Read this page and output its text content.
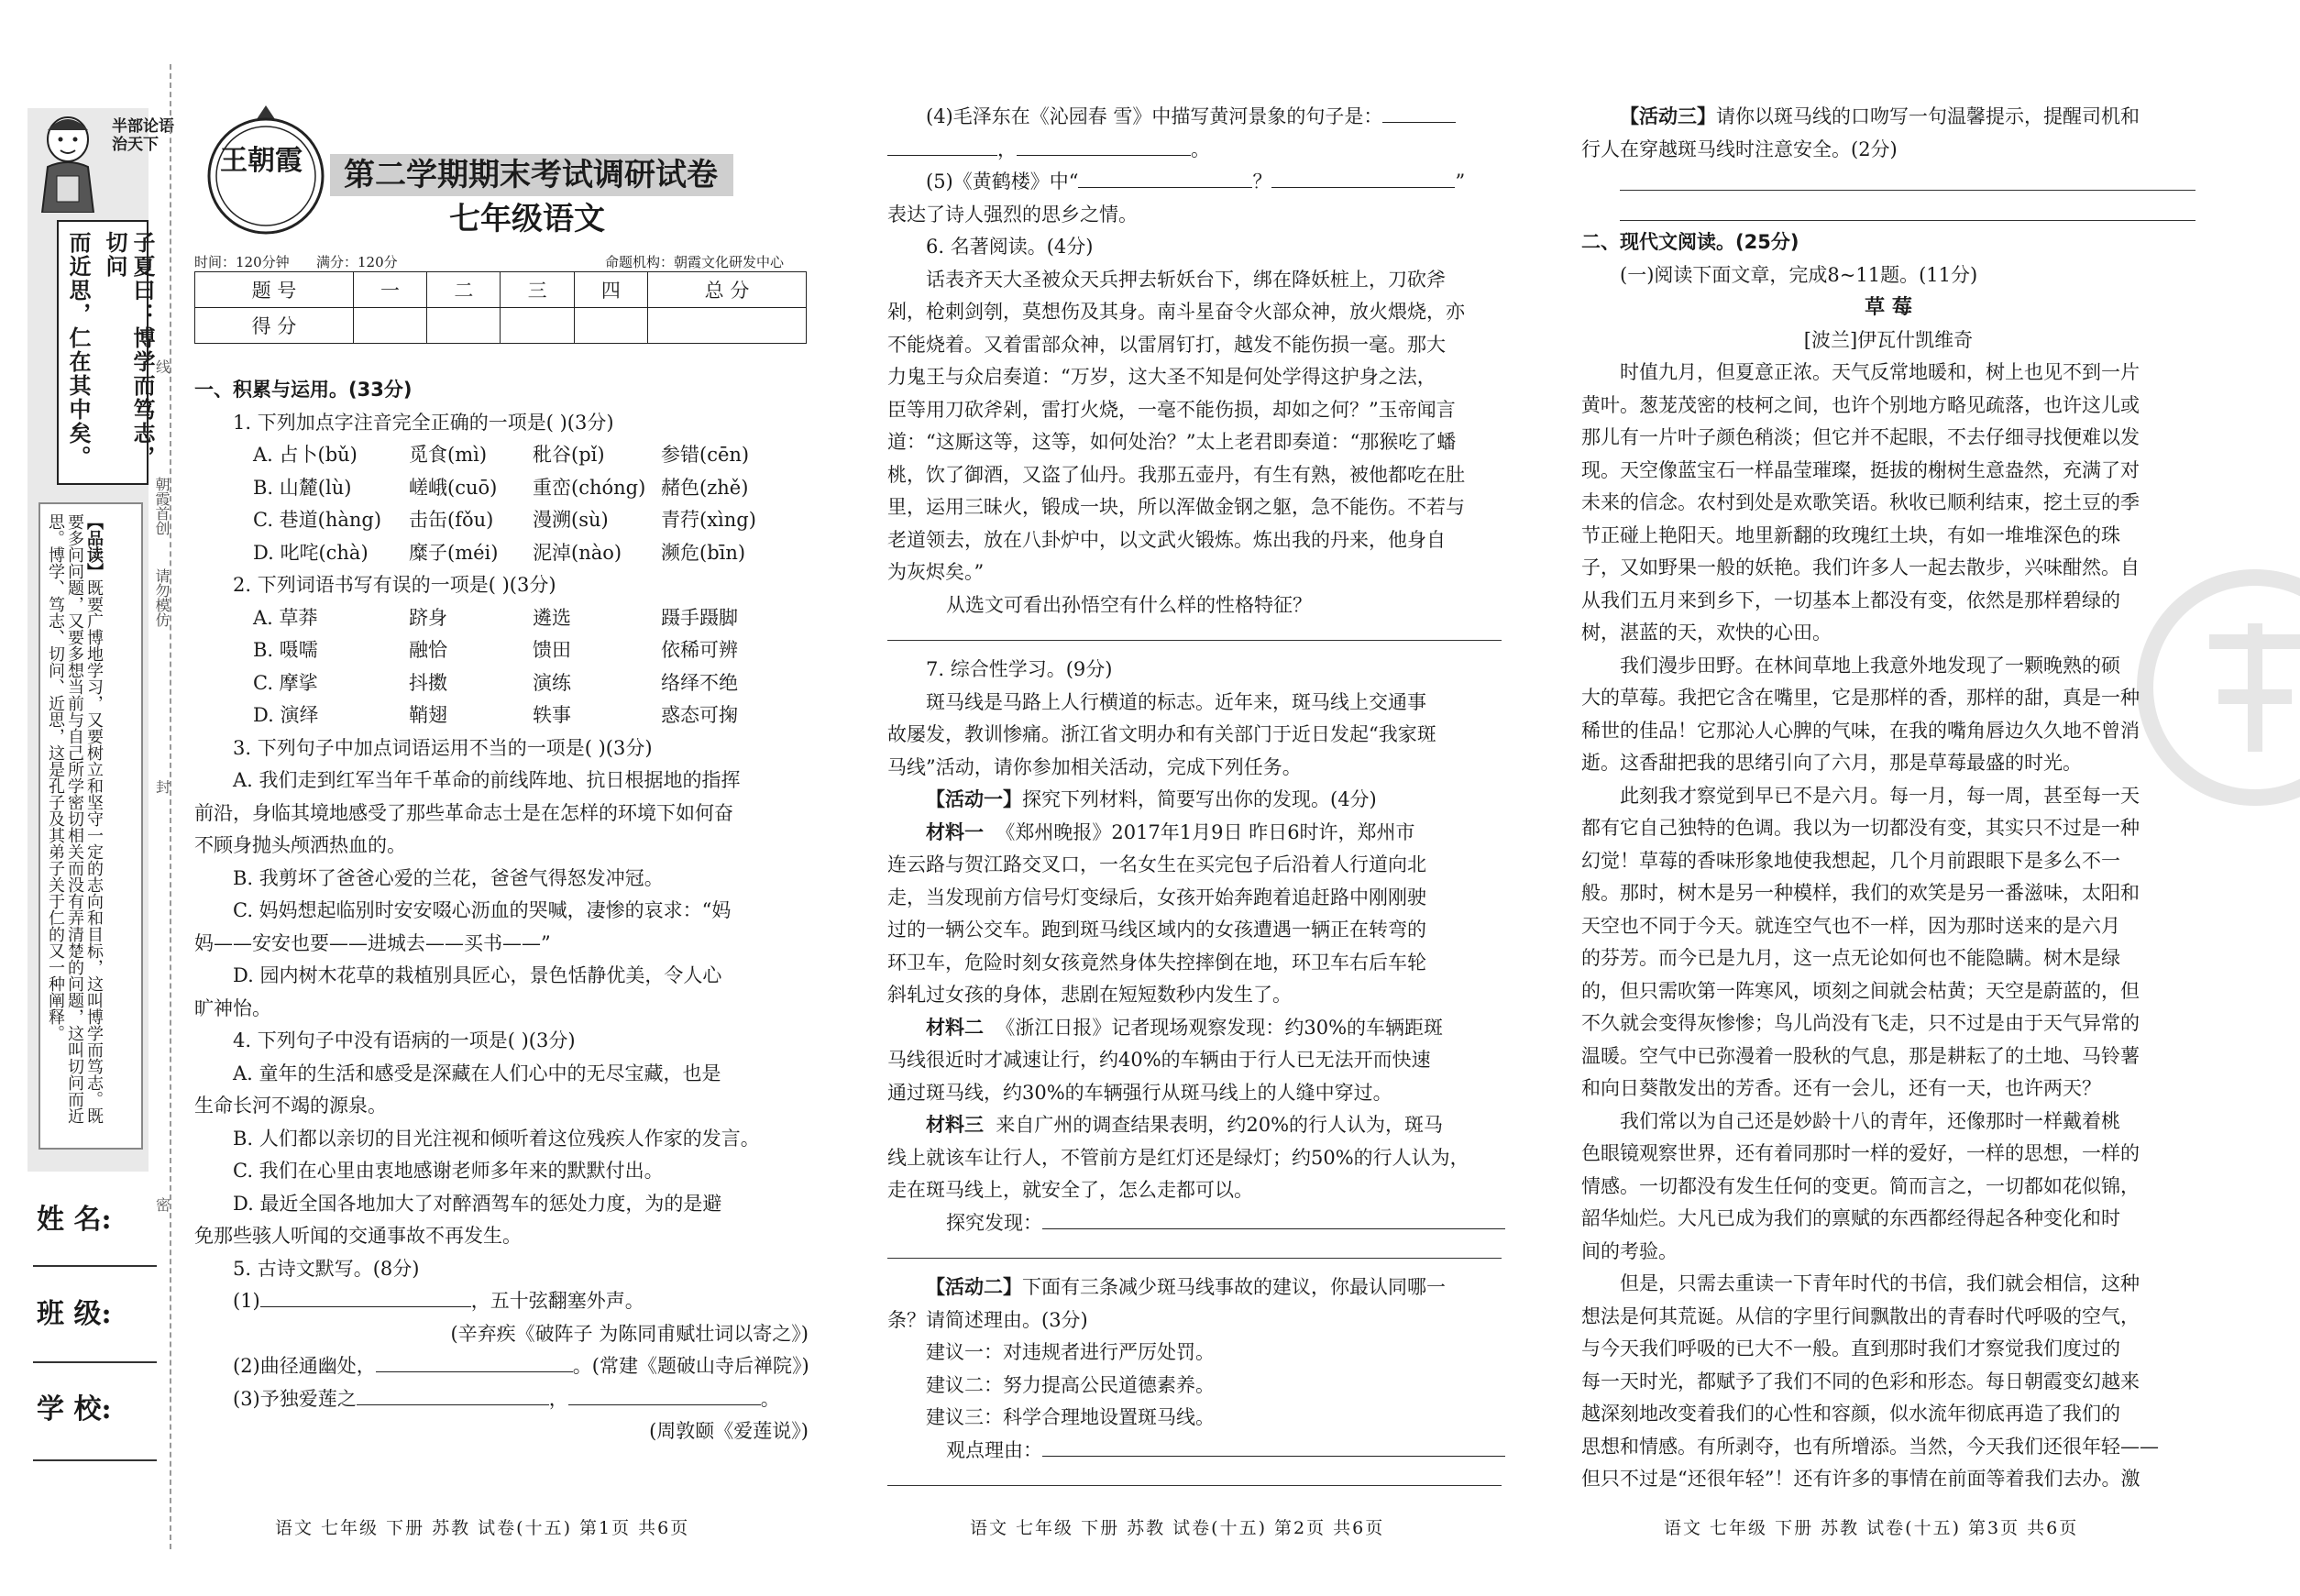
半部论语
治天下
而近思，仁在其中矣。	子夏曰：博学而笃志，切问
【品读】既要广博地学习，又要树立和坚守一定的志向和目标，这叫博学而笃志。既要多问问题，又要多想当前与自己所学密切相关而没有弄清楚的问题，这叫切问而近思。博学、笃志、切问、近思，这是孔子及其弟子关于仁的又一种阐释。
姓 名:
班 级:
学 校:
线
封
密
朝霞首创
请勿模仿
王朝霞 第二学期期末考试调研试卷
七年级语文
时间：120分钟 满分：120分	命题机构：朝霞文化研发中心
题 号	一	二	三	四	总 分
得 分					
一、积累与运用。(33分)
1. 下列加点字注音完全正确的一项是( )(3分)
A. 占卜(bǔ)	觅食(mì)	秕谷(pǐ)	参错(cēn)
B. 山麓(lù)	嵯峨(cuō)	重峦(chóng) 赭色(zhě)
C. 巷道(hàng)	击缶(fǒu)	漫溯(sù)	青荇(xìng)
D. 叱咤(chà)	糜子(méi)	泥淖(nào)	濒危(bīn)
2. 下列词语书写有误的一项是( )(3分)
A. 草莽	跻身	遴选	蹑手蹑脚
B. 嗫嚅	融恰	馈田	依稀可辨
C. 摩挲	抖擞	演练	络绎不绝
D. 演绎	鞘翅	轶事	惑态可掬
3. 下列句子中加点词语运用不当的一项是( )(3分)
A. 我们走到红军当年千革命的前线阵地、抗日根据地的指挥
前沿，身临其境地感受了那些革命志士是在怎样的环境下如何奋
不顾身抛头颅洒热血的。
B. 我剪坏了爸爸心爱的兰花，爸爸气得怒发冲冠。
C. 妈妈想起临别时安安啜心沥血的哭喊，凄惨的哀求：“妈
妈——安安也要——进城去——买书——”
D. 园内树木花草的栽植别具匠心，景色恬静优美，令人心
旷神怡。
4. 下列句子中没有语病的一项是( )(3分)
A. 童年的生活和感受是深藏在人们心中的无尽宝藏，也是
生命长河不竭的源泉。
B. 人们都以亲切的目光注视和倾听着这位残疾人作家的发言。
C. 我们在心里由衷地感谢老师多年来的默默付出。
D. 最近全国各地加大了对醉酒驾车的惩处力度，为的是避
免那些骇人听闻的交通事故不再发生。
5. 古诗文默写。(8分)
(1)	，五十弦翻塞外声。
(辛弃疾《破阵子 为陈同甫赋壮词以寄之》)
(2)曲径通幽处，	。(常建《题破山寺后禅院》)
(3)予独爱莲之	，	。
(周敦颐《爱莲说》)
语文 七年级 下册 苏教 试卷(十五) 第1页 共6页
(4)毛泽东在《沁园春 雪》中描写黄河景象的句子是：
，	。
(5)《黄鹤楼》中“	？	”
表达了诗人强烈的思乡之情。
6. 名著阅读。(4分)
话表齐天大圣被众天兵押去斩妖台下，绑在降妖桩上，刀砍斧
剁，枪刺剑刳，莫想伤及其身。南斗星奋令火部众神，放火煨烧，亦
不能烧着。又着雷部众神，以雷屑钉打，越发不能伤损一毫。那大
力鬼王与众启奏道：“万岁，这大圣不知是何处学得这护身之法，
臣等用刀砍斧剁，雷打火烧，一毫不能伤损，却如之何？”玉帝闻言
道：“这厮这等，这等，如何处治？”太上老君即奏道：“那猴吃了蟠
桃，饮了御酒，又盗了仙丹。我那五壶丹，有生有熟，被他都吃在肚
里，运用三昧火，锻成一块，所以浑做金钢之躯，急不能伤。不若与
老道领去，放在八卦炉中，以文武火锻炼。炼出我的丹来，他身自
为灰烬矣。”
从选文可看出孙悟空有什么样的性格特征？
7. 综合性学习。(9分)
斑马线是马路上人行横道的标志。近年来，斑马线上交通事
故屡发，教训惨痛。浙江省文明办和有关部门于近日发起“我家斑
马线”活动，请你参加相关活动，完成下列任务。
【活动一】探究下列材料，简要写出你的发现。(4分)
材料一 《郑州晚报》2017年1月9日 昨日6时许，郑州市
连云路与贺江路交叉口，一名女生在买完包子后沿着人行道向北
走，当发现前方信号灯变绿后，女孩开始奔跑着追赶路中刚刚驶
过的一辆公交车。跑到斑马线区域内的女孩遭遇一辆正在转弯的
环卫车，危险时刻女孩竟然身体失控摔倒在地，环卫车右后车轮
斜轧过女孩的身体，悲剧在短短数秒内发生了。
材料二 《浙江日报》记者现场观察发现：约30%的车辆距斑
马线很近时才减速让行，约40%的车辆由于行人已无法开而快速
通过斑马线，约30%的车辆强行从斑马线上的人缝中穿过。
材料三 来自广州的调查结果表明，约20%的行人认为，斑马
线上就该车让行人，不管前方是红灯还是绿灯；约50%的行人认为，
走在斑马线上，就安全了，怎么走都可以。
探究发现：
【活动二】下面有三条减少斑马线事故的建议，你最认同哪一
条？请简述理由。(3分)
建议一：对违规者进行严厉处罚。
建议二：努力提高公民道德素养。
建议三：科学合理地设置斑马线。
观点理由：
语文 七年级 下册 苏教 试卷(十五) 第2页 共6页
【活动三】请你以斑马线的口吻写一句温馨提示，提醒司机和
行人在穿越斑马线时注意安全。(2分)
二、现代文阅读。(25分)
(一)阅读下面文章，完成8~11题。(11分)
草 莓
[波兰]伊瓦什凯维奇
时值九月，但夏意正浓。天气反常地暖和，树上也见不到一片
黄叶。葱茏茂密的枝柯之间，也许个别地方略见疏落，也许这儿或
那儿有一片叶子颜色稍淡；但它并不起眼，不去仔细寻找便难以发
现。天空像蓝宝石一样晶莹璀璨，挺拔的榭树生意盎然，充满了对
未来的信念。农村到处是欢歌笑语。秋收已顺利结束，挖土豆的季
节正碰上艳阳天。地里新翻的玫瑰红土块，有如一堆堆深色的珠
子，又如野果一般的妖艳。我们许多人一起去散步，兴味酣然。自
从我们五月来到乡下，一切基本上都没有变，依然是那样碧绿的
树，湛蓝的天，欢快的心田。
我们漫步田野。在林间草地上我意外地发现了一颗晚熟的硕
大的草莓。我把它含在嘴里，它是那样的香，那样的甜，真是一种
稀世的佳品！它那沁人心脾的气味，在我的嘴角唇边久久地不曾消
逝。这香甜把我的思绪引向了六月，那是草莓最盛的时光。
此刻我才察觉到早已不是六月。每一月，每一周，甚至每一天
都有它自己独特的色调。我以为一切都没有变，其实只不过是一种
幻觉！草莓的香味形象地使我想起，几个月前跟眼下是多么不一
般。那时，树木是另一种模样，我们的欢笑是另一番滋味，太阳和
天空也不同于今天。就连空气也不一样，因为那时送来的是六月
的芬芳。而今已是九月，这一点无论如何也不能隐瞒。树木是绿
的，但只需吹第一阵寒风，顷刻之间就会枯黄；天空是蔚蓝的，但
不久就会变得灰惨惨；鸟儿尚没有飞走，只不过是由于天气异常的
温暖。空气中已弥漫着一股秋的气息，那是耕耘了的土地、马铃薯
和向日葵散发出的芳香。还有一会儿，还有一天，也许两天？
我们常以为自己还是妙龄十八的青年，还像那时一样戴着桃
色眼镜观察世界，还有着同那时一样的爱好，一样的思想，一样的
情感。一切都没有发生任何的变更。简而言之，一切都如花似锦，
韶华灿烂。大凡已成为我们的禀赋的东西都经得起各种变化和时
间的考验。
但是，只需去重读一下青年时代的书信，我们就会相信，这种
想法是何其荒诞。从信的字里行间飘散出的青春时代呼吸的空气，
与今天我们呼吸的已大不一般。直到那时我们才察觉我们度过的
每一天时光，都赋予了我们不同的色彩和形态。每日朝霞变幻越来
越深刻地改变着我们的心性和容颜，似水流年彻底再造了我们的
思想和情感。有所剥夺，也有所增添。当然，今天我们还很年轻——
但只不过是“还很年轻”！还有许多的事情在前面等着我们去办。激
语文 七年级 下册 苏教 试卷(十五) 第3页 共6页
